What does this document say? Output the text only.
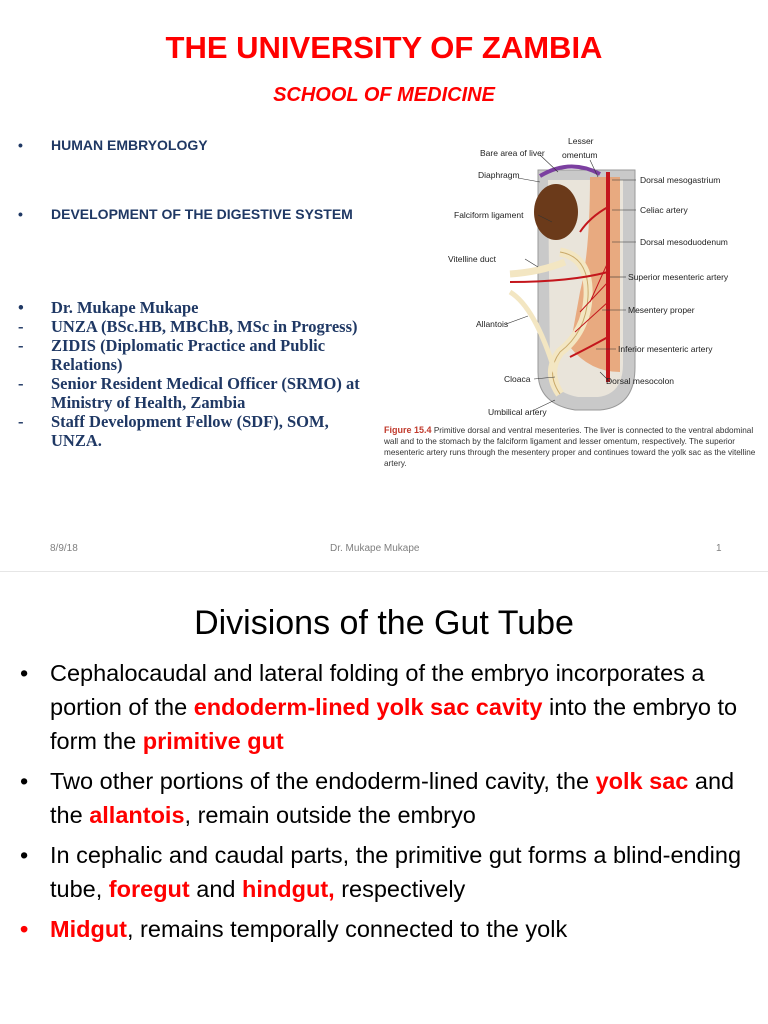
THE UNIVERSITY OF ZAMBIA
SCHOOL OF MEDICINE
• HUMAN EMBRYOLOGY
• DEVELOPMENT OF THE DIGESTIVE SYSTEM
• Dr. Mukape Mukape
- UNZA (BSc.HB, MBChB, MSc in Progress)
- ZIDIS (Diplomatic Practice and Public Relations)
- Senior Resident Medical Officer (SRMO) at Ministry of Health, Zambia
- Staff Development Fellow (SDF), SOM, UNZA.
Bare area of liver
Lesser
omentum
Diaphragm	Dorsal mesogastrium
Celiac artery
Falciform ligament
Dorsal mesoduodenum
Vitelline duct
Superior mesenteric artery
Mesentery proper
Allantois
Inferior mesenteric artery
Cloaca	Dorsal mesocolon
Umbilical artery
Figure 15.4 Primitive dorsal and ventral mesenteries. The liver is connected to the ventral abdominal wall and to the stomach by the falciform ligament and lesser omentum, respectively. The superior mesenteric artery runs through the mesentery proper and continues toward the yolk sac as the vitelline artery.
8/9/18	Dr. Mukape Mukape	1
Divisions of the Gut Tube
• Cephalocaudal and lateral folding of the embryo incorporates a portion of the endoderm-lined yolk sac cavity into the embryo to form the primitive gut
• Two other portions of the endoderm-lined cavity, the yolk sac and the allantois, remain outside the embryo
• In cephalic and caudal parts, the primitive gut forms a blind-ending tube, foregut and hindgut, respectively
• Midgut, remains temporally connected to the yolk
